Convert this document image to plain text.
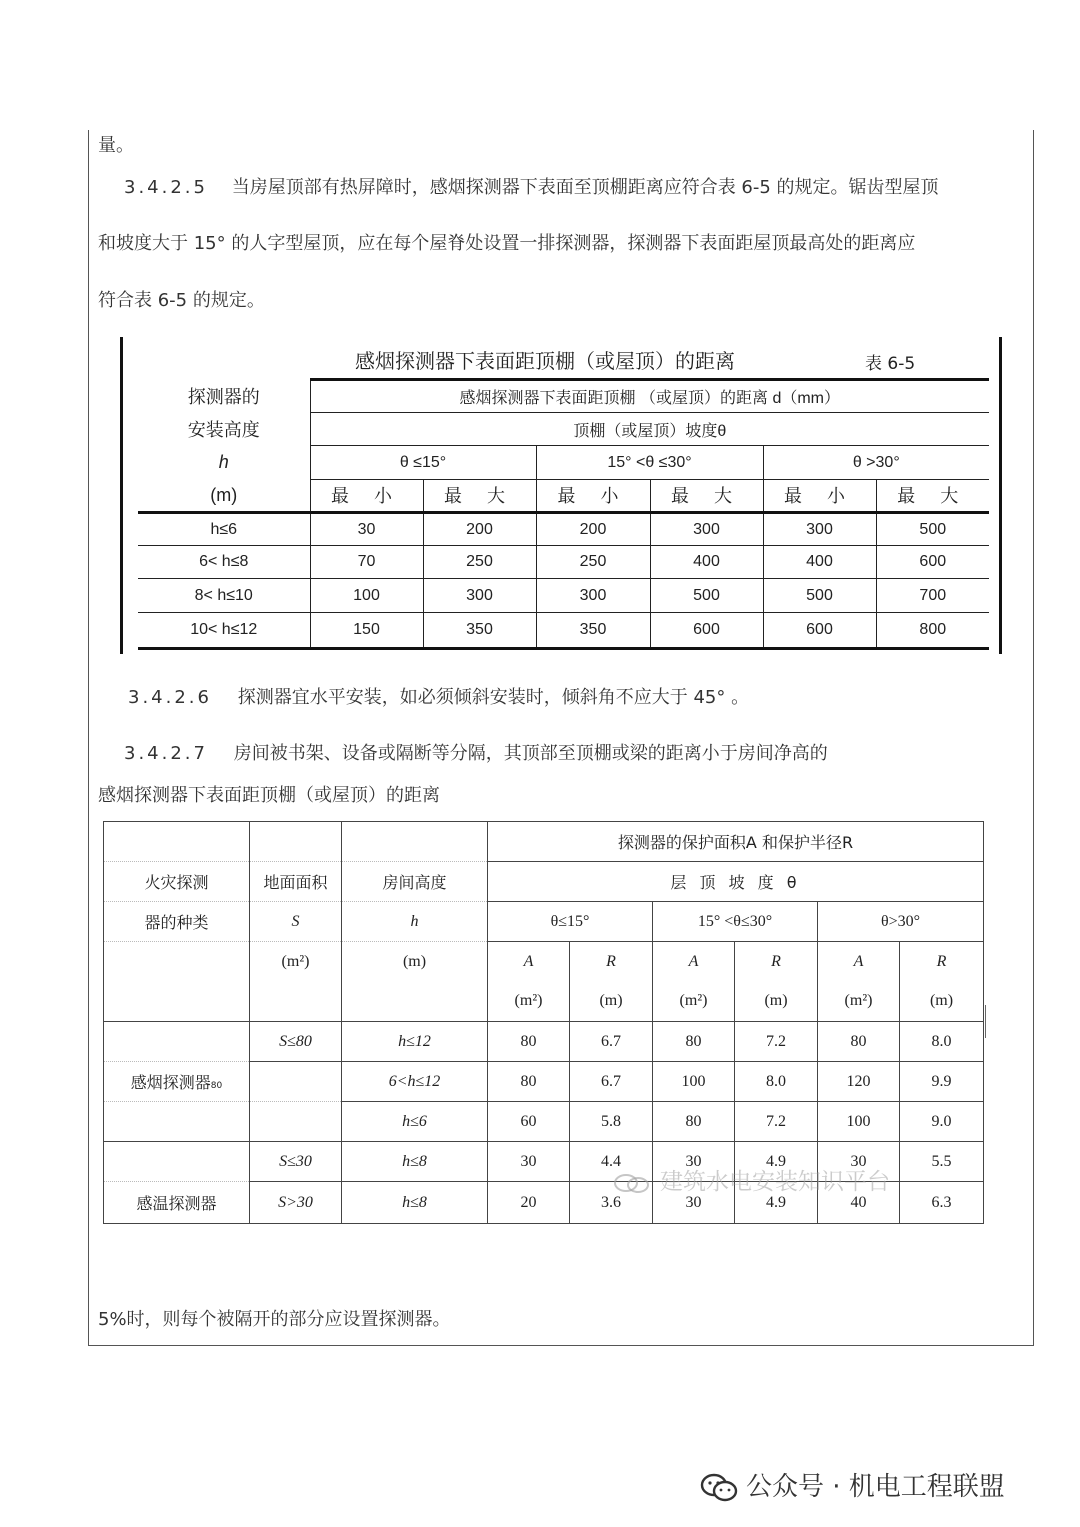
量。
3.4.2.5 当房屋顶部有热屏障时，感烟探测器下表面至顶棚距离应符合表 6-5 的规定。锯齿型屋顶
和坡度大于 15° 的人字型屋顶，应在每个屋脊处设置一排探测器，探测器下表面距屋顶最高处的距离应
符合表 6-5 的规定。
感烟探测器下表面距顶棚（或屋顶）的距离	表 6-5
探测器的	感烟探测器下表面距顶棚 （或屋顶）的距离 d（mm）					
安装高度	顶棚（或屋顶）坡度θ					
h	θ ≤15°		15° <θ ≤30°		θ >30°	
(m)	最 小	最 大	最 小	最 大	最 小	最 大
h≤6	30	200	200	300	300	500
6< h≤8	70	250	250	400	400	600
8< h≤10	100	300	300	500	500	700
10< h≤12	150	350	350	600	600	800
3.4.2.6 探测器宜水平安装，如必须倾斜安装时，倾斜角不应大于 45° 。
3.4.2.7 房间被书架、设备或隔断等分隔，其顶部至顶棚或梁的距离小于房间净高的
感烟探测器下表面距顶棚（或屋顶）的距离
			探测器的保护面积A 和保护半径R					
火灾探测	地面面积	房间高度	层 顶 坡 度 θ					
器的种类	S	h	θ≤15°		15° <θ≤30°		θ>30°	
	(m²)	(m)	A	R	A	R	A	R
			(m²)	(m)	(m²)	(m)	(m²)	(m)
	S≤80	h≤12	80	6.7	80	7.2	80	8.0
感烟探测器80		6<h≤12	80	6.7	100	8.0	120	9.9
		h≤6	60	5.8	80	7.2	100	9.0
	S≤30	h≤8	30	4.4	30	4.9	30	5.5
感温探测器	S>30	h≤8	20	3.6	30	4.9	40	6.3
建筑水电安装知识平台
5%时，则每个被隔开的部分应设置探测器。
公众号 · 机电工程联盟
